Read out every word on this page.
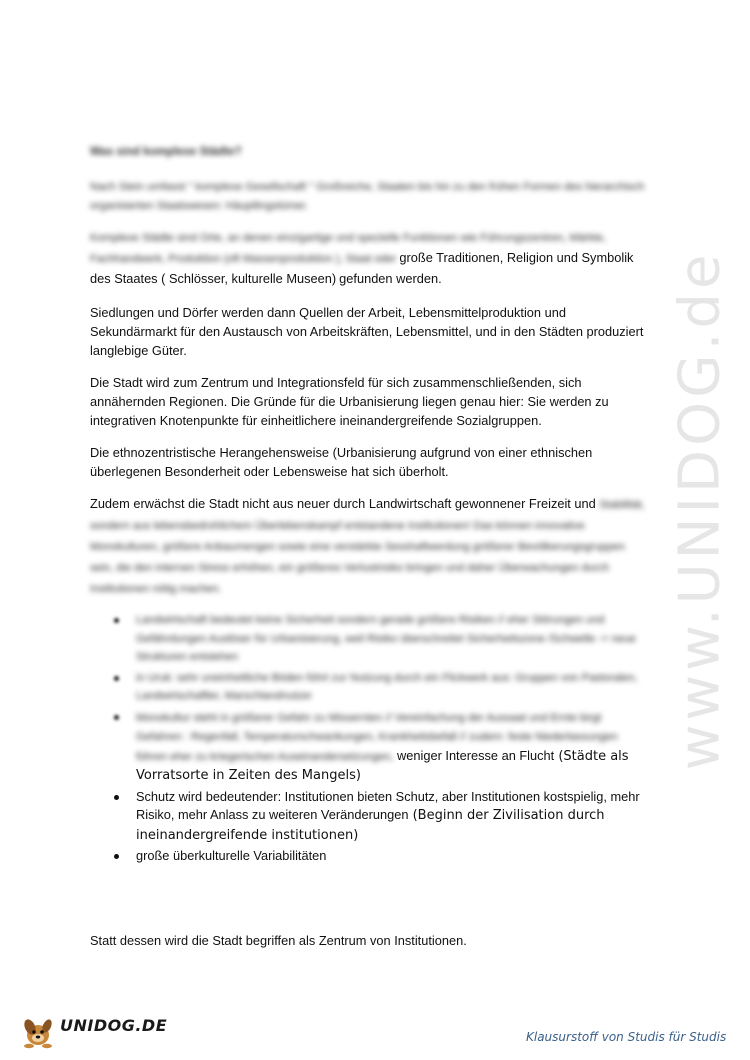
www.UNIDOG.de
Was sind komplexe Städte?

Nach Stein umfasst " komplexe Gesellschaft " Großreiche, Staaten bis hin zu den frühen Formen des hierarchisch organisierten Staatswesen: Häuptlingstümer.

Komplexe Städte sind Orte, an denen einzigartige und spezielle Funktionen wie Führungszentren, Märkte, Fachhandwerk, Produktion (oft Massenproduktion ), Staat oder große Traditionen, Religion und Symbolik des Staates ( Schlösser, kulturelle Museen) gefunden werden.

Siedlungen und Dörfer werden dann Quellen der Arbeit, Lebensmittelproduktion und Sekundärmarkt für den Austausch von Arbeitskräften, Lebensmittel, und in den Städten produziert langlebige Güter.

Die Stadt wird zum Zentrum und Integrationsfeld für sich zusammenschließenden, sich annähernden Regionen. Die Gründe für die Urbanisierung liegen genau hier: Sie werden zu integrativen Knotenpunkte für einheitlichere ineinandergreifende Sozialgruppen.

Die ethnozentristische Herangehensweise (Urbanisierung aufgrund von einer ethnischen überlegenen Besonderheit oder Lebensweise hat sich überholt.

Zudem erwächst die Stadt nicht aus neuer durch Landwirtschaft gewonnener Freizeit und Stabilität, sondern aus lebensbedrohlichem Überlebenskampf entstandene Institutionen! Das können innovative Monokulturen, größere Anbaumengen sowie eine verstärkte Sesshaftwerdung größerer Bevölkerungsgruppen sein, die den internen Stress erhöhen, ein größeres Verlustrisiko bringen und daher Überwachungen durch Institutionen nötig machen.

Landwirtschaft bedeutet keine Sicherheit sondern gerade größere Risiken // eher Störungen und Gefährdungen Auslöser für Urbanisierung, weil Risiko überschreitet Sicherheitszone /Schwelle -> neue Strukturen entstehen
in Uruk: sehr uneinheitliche Böden führt zur Nutzung durch ein Flickwerk aus: Gruppen von Pastoralen, Landwirtschaftler, Marschlandnutzer
Monokultur steht in größerer Gefahr zu Missernten // Vereinfachung der Aussaat und Ernte birgt Gefahren : Regenfall, Temperaturschwankungen, Krankheitsbefall // zudem: feste Niederlassungen führen eher zu kriegerischen Auseinandersetzungen, weniger Interesse an Flucht (Städte als Vorratsorte in Zeiten des Mangels)
Schutz wird bedeutender: Institutionen bieten Schutz, aber Institutionen kostspielig, mehr Risiko, mehr Anlass zu weiteren Veränderungen (Beginn der Zivilisation durch ineinandergreifende institutionen)
große überkulturelle Variabilitäten
Statt dessen wird die Stadt begriffen als Zentrum von Institutionen.
UNIDOG.DE
Klausurstoff von Studis für Studis
